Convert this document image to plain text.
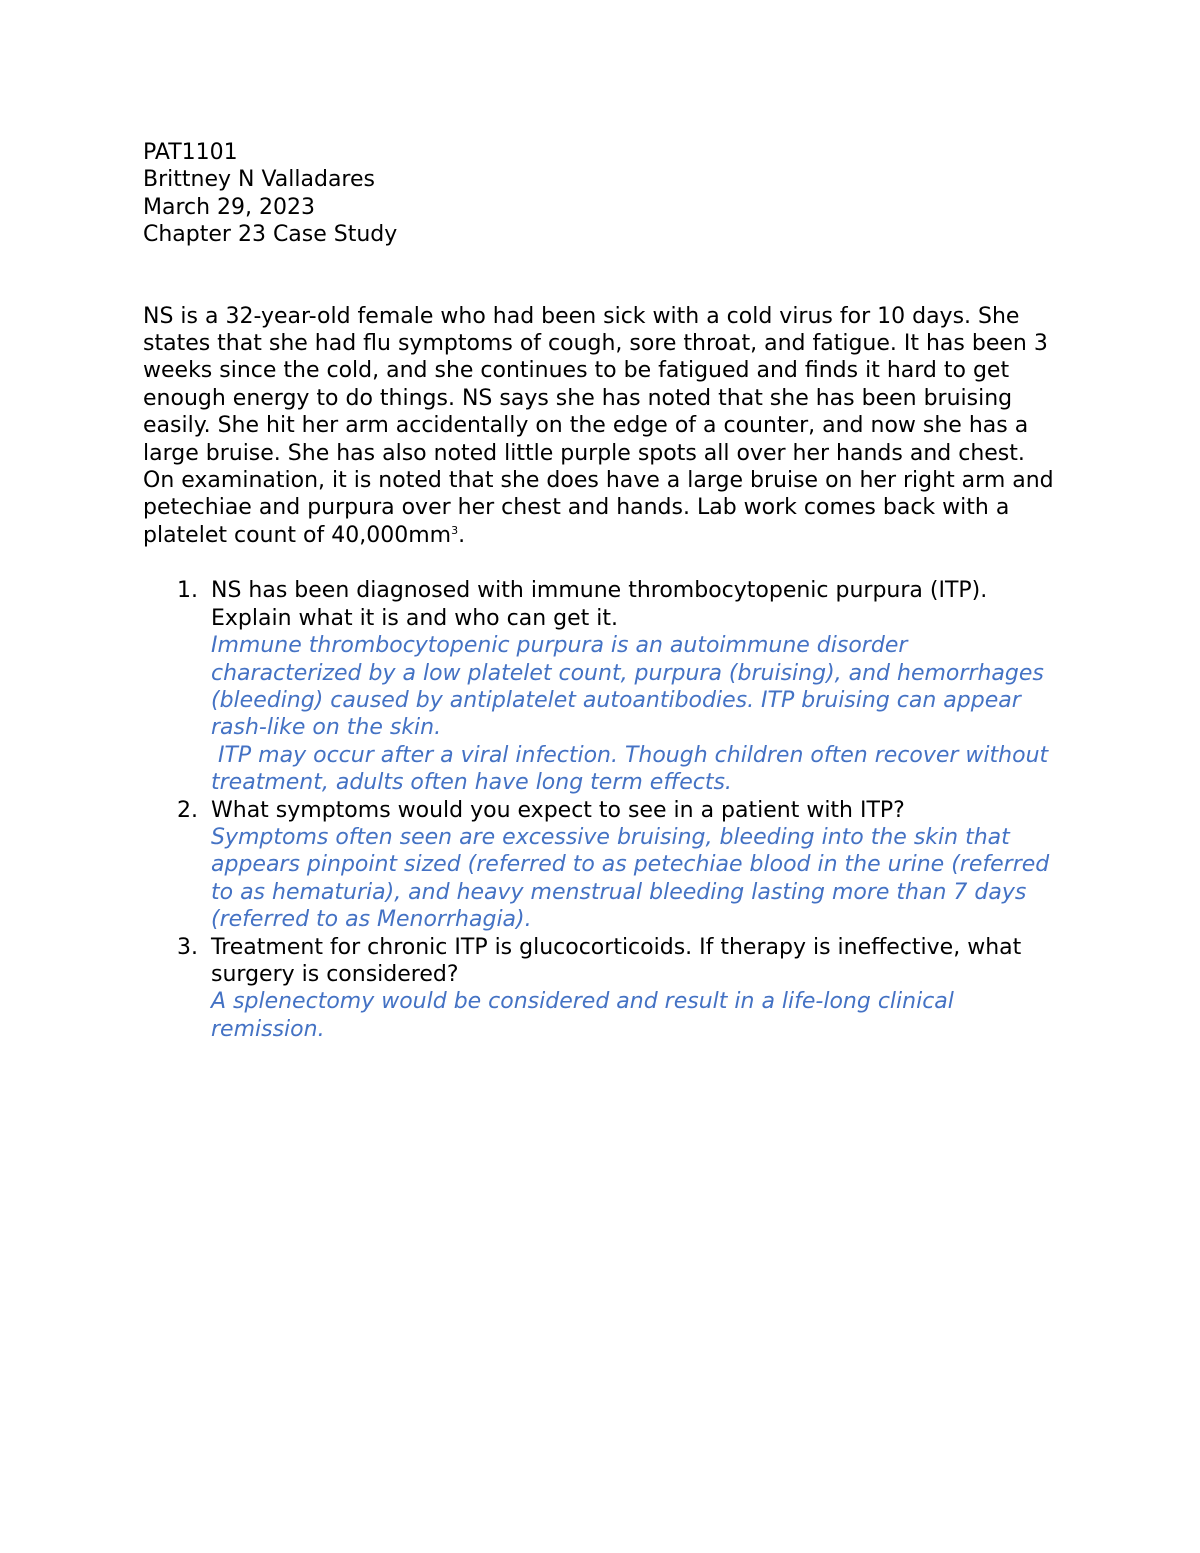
PAT1101
Brittney N Valladares
March 29, 2023
Chapter 23 Case Study

NS is a 32-year-old female who had been sick with a cold virus for 10 days. She states that she had flu symptoms of cough, sore throat, and fatigue. It has been 3 weeks since the cold, and she continues to be fatigued and finds it hard to get enough energy to do things. NS says she has noted that she has been bruising easily. She hit her arm accidentally on the edge of a counter, and now she has a large bruise. She has also noted little purple spots all over her hands and chest. On examination, it is noted that she does have a large bruise on her right arm and petechiae and purpura over her chest and hands. Lab work comes back with a platelet count of $40,000mm^3$.

1. NS has been diagnosed with immune thrombocytopenic purpura (ITP). Explain what it is and who can get it.
Immune thrombocytopenic purpura is an autoimmune disorder characterized by a low platelet count, purpura (bruising), and hemorrhages (bleeding) caused by antiplatelet autoantibodies. ITP bruising can appear rash-like on the skin.
ITP may occur after a viral infection. Though children often recover without treatment, adults often have long term effects.
2. What symptoms would you expect to see in a patient with ITP?
Symptoms often seen are excessive bruising, bleeding into the skin that appears pinpoint sized (referred to as petechiae blood in the urine (referred to as hematuria), and heavy menstrual bleeding lasting more than 7 days (referred to as Menorrhagia).
3. Treatment for chronic ITP is glucocorticoids. If therapy is ineffective, what surgery is considered?
A splenectomy would be considered and result in a life-long clinical remission.
